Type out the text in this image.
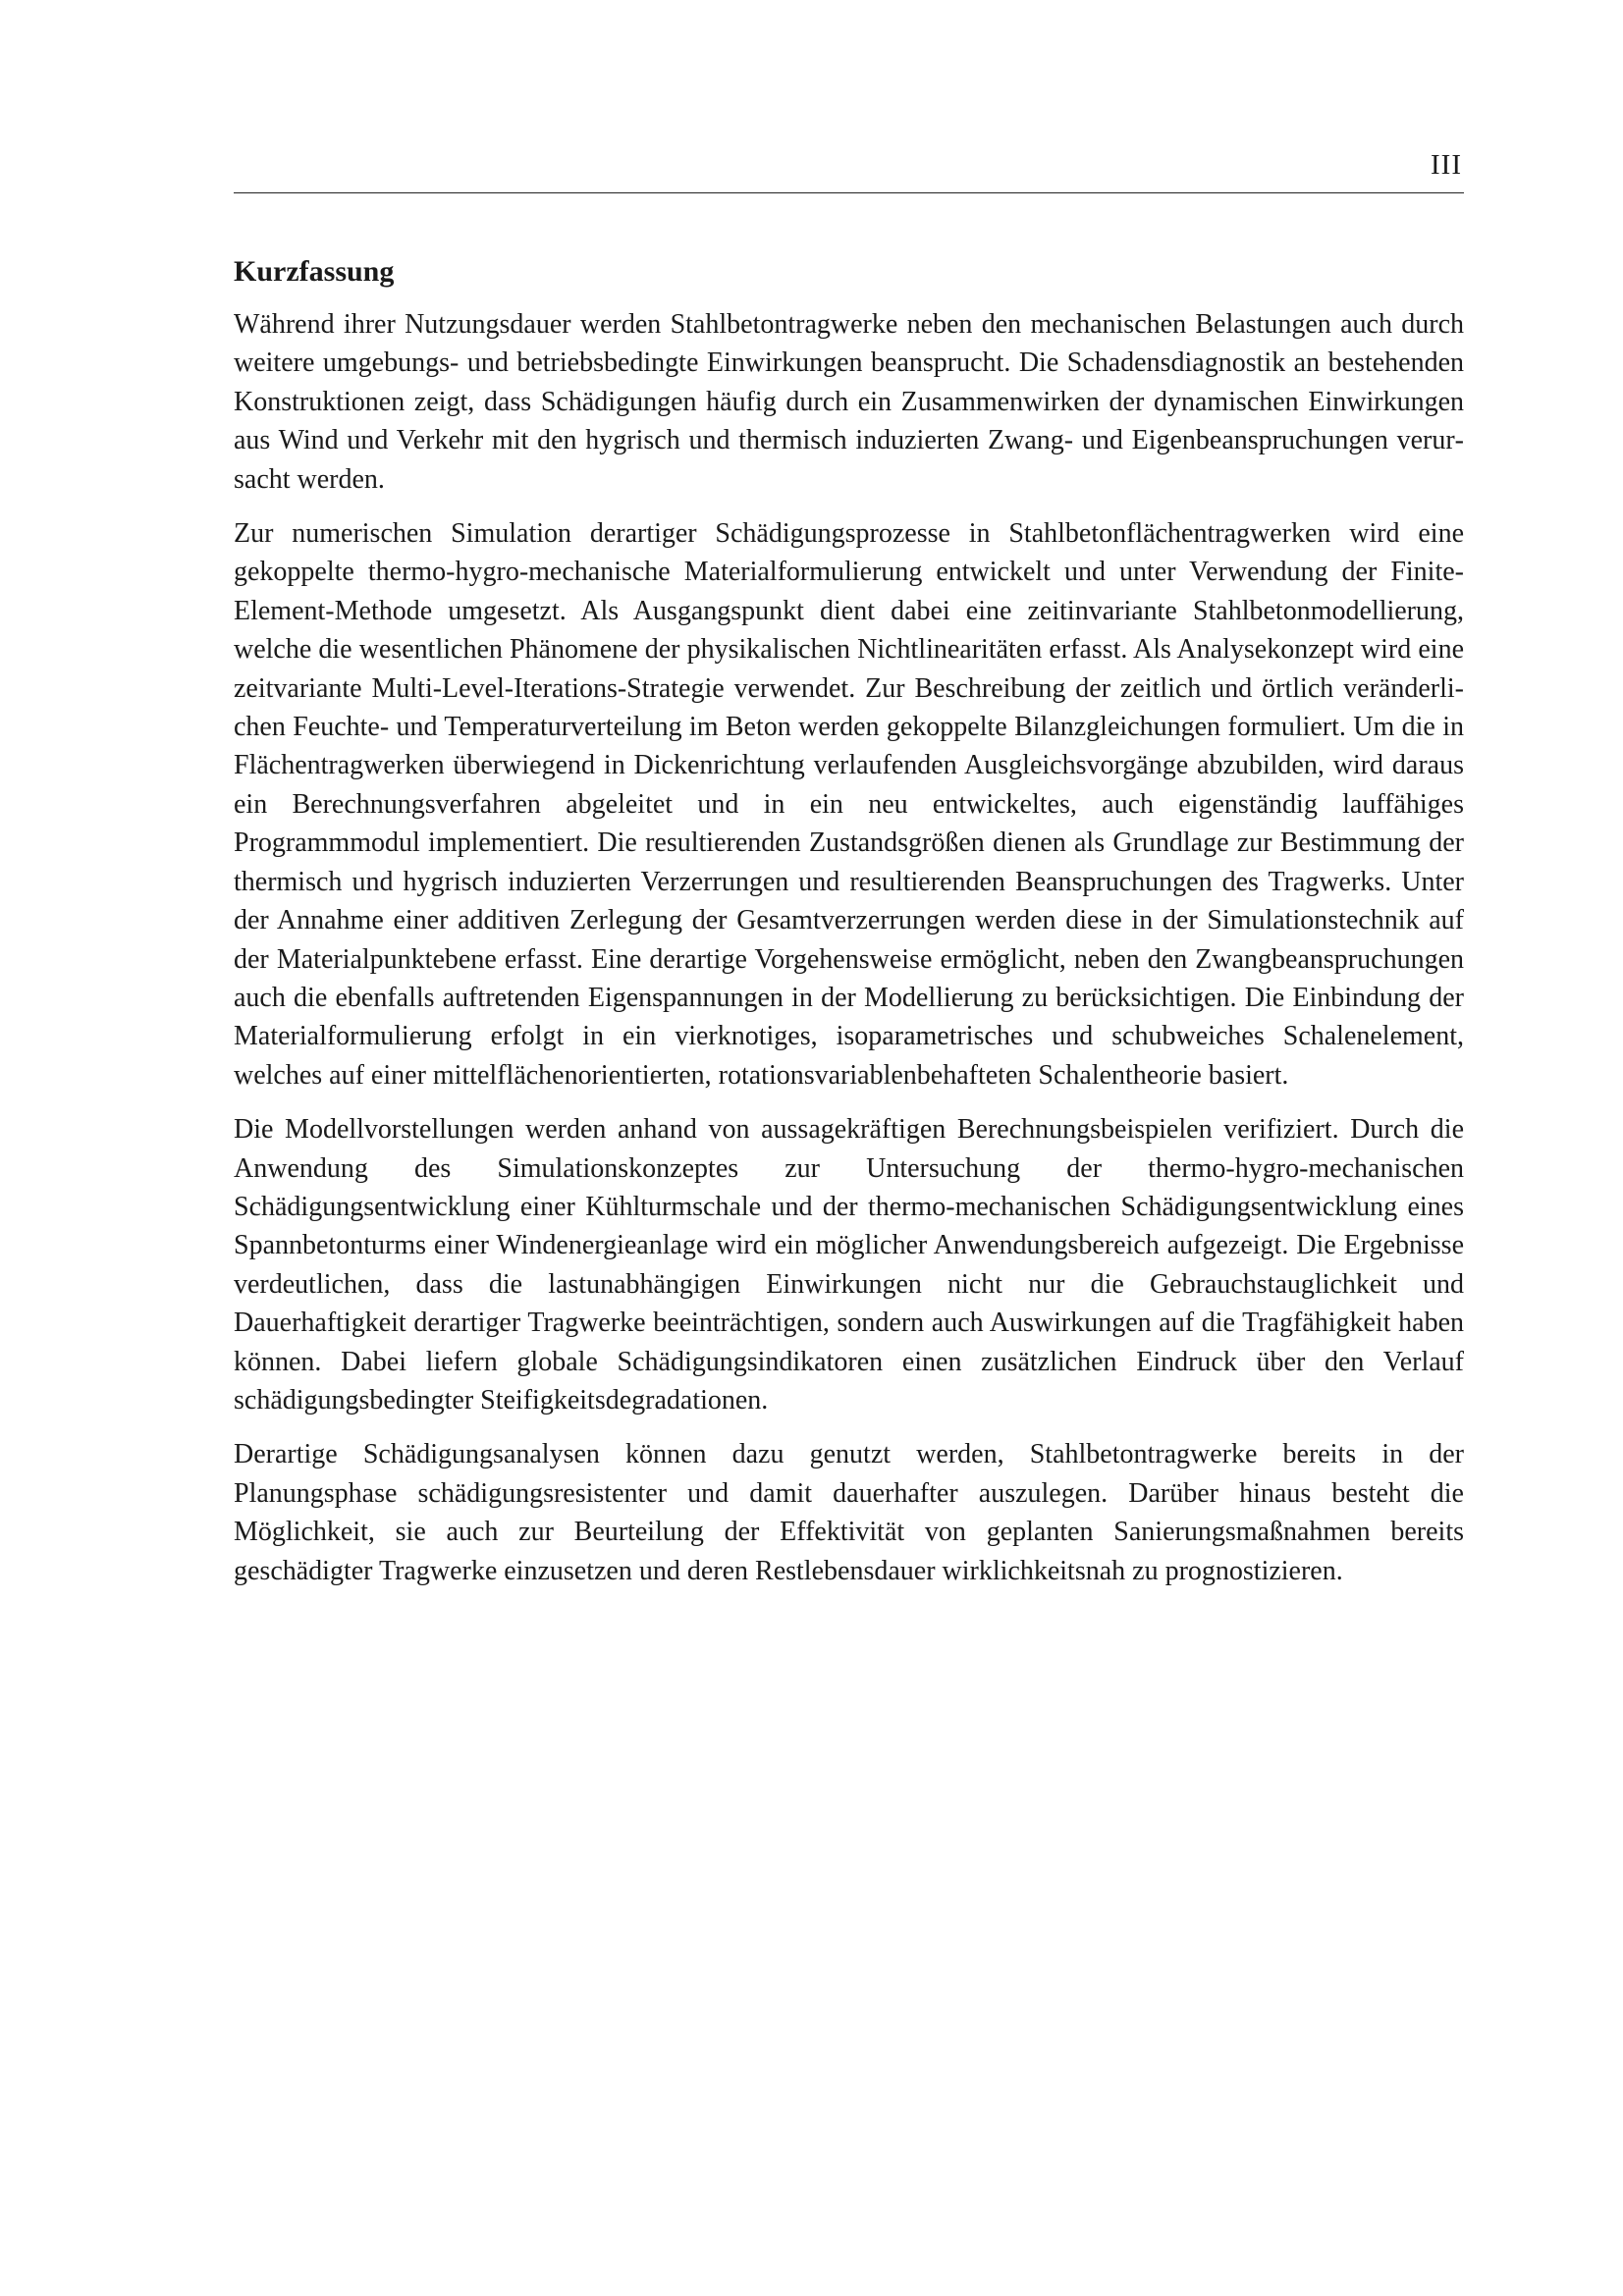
III
Kurzfassung

Während ihrer Nutzungsdauer werden Stahlbetontragwerke neben den mechanischen Belastungen auch durch weitere umgebungs- und betriebsbedingte Einwirkungen beansprucht. Die Schadensdiagnostik an bestehenden Konstruktionen zeigt, dass Schädigungen häufig durch ein Zusammenwirken der dynamischen Einwirkungen aus Wind und Verkehr mit den hygrisch und thermisch induzierten Zwang- und Eigenbeanspruchungen verursacht werden.

Zur numerischen Simulation derartiger Schädigungsprozesse in Stahlbetonflächentragwerken wird eine gekoppelte thermo-hygro-mechanische Materialformulierung entwickelt und unter Verwendung der Finite-Element-Methode umgesetzt. Als Ausgangspunkt dient dabei eine zeitinvariante Stahlbetonmodellierung, welche die wesentlichen Phänomene der physikalischen Nichtlinearitäten erfasst. Als Analysekonzept wird eine zeitvariante Multi-Level-Iterations-Strategie verwendet. Zur Beschreibung der zeitlich und örtlich veränderlichen Feuchte- und Temperaturverteilung im Beton werden gekoppelte Bilanzgleichungen formuliert. Um die in Flächentragwerken überwiegend in Dickenrichtung verlaufenden Ausgleichsvorgänge abzubilden, wird daraus ein Berechnungsverfahren abgeleitet und in ein neu entwickeltes, auch eigenständig lauffähiges Programmmodul implementiert. Die resultierenden Zustandsgrößen dienen als Grundlage zur Bestimmung der thermisch und hygrisch induzierten Verzerrungen und resultierenden Beanspruchungen des Tragwerks. Unter der Annahme einer additiven Zerlegung der Gesamtverzerrungen werden diese in der Simulationstechnik auf der Materialpunktebene erfasst. Eine derartige Vorgehensweise ermöglicht, neben den Zwangbeanspruchungen auch die ebenfalls auftretenden Eigenspannungen in der Modellierung zu berücksichtigen. Die Einbindung der Materialformulierung erfolgt in ein vierknotiges, isoparametrisches und schubweiches Schalenelement, welches auf einer mittelflächenorientierten, rotationsvariablenbehafteten Schalentheorie basiert.

Die Modellvorstellungen werden anhand von aussagekräftigen Berechnungsbeispielen verifiziert. Durch die Anwendung des Simulationskonzeptes zur Untersuchung der thermo-hygro-mechanischen Schädigungsentwicklung einer Kühlturmschale und der thermo-mechanischen Schädigungsentwicklung eines Spannbetonturms einer Windenergieanlage wird ein möglicher Anwendungsbereich aufgezeigt. Die Ergebnisse verdeutlichen, dass die lastunabhängigen Einwirkungen nicht nur die Gebrauchstauglichkeit und Dauerhaftigkeit derartiger Tragwerke beeinträchtigen, sondern auch Auswirkungen auf die Tragfähigkeit haben können. Dabei liefern globale Schädigungsindikatoren einen zusätzlichen Eindruck über den Verlauf schädigungsbedingter Steifigkeitsdegradationen.

Derartige Schädigungsanalysen können dazu genutzt werden, Stahlbetontragwerke bereits in der Planungsphase schädigungsresistenter und damit dauerhafter auszulegen. Darüber hinaus besteht die Möglichkeit, sie auch zur Beurteilung der Effektivität von geplanten Sanierungsmaßnahmen bereits geschädigter Tragwerke einzusetzen und deren Restlebensdauer wirklichkeitsnah zu prognostizieren.
